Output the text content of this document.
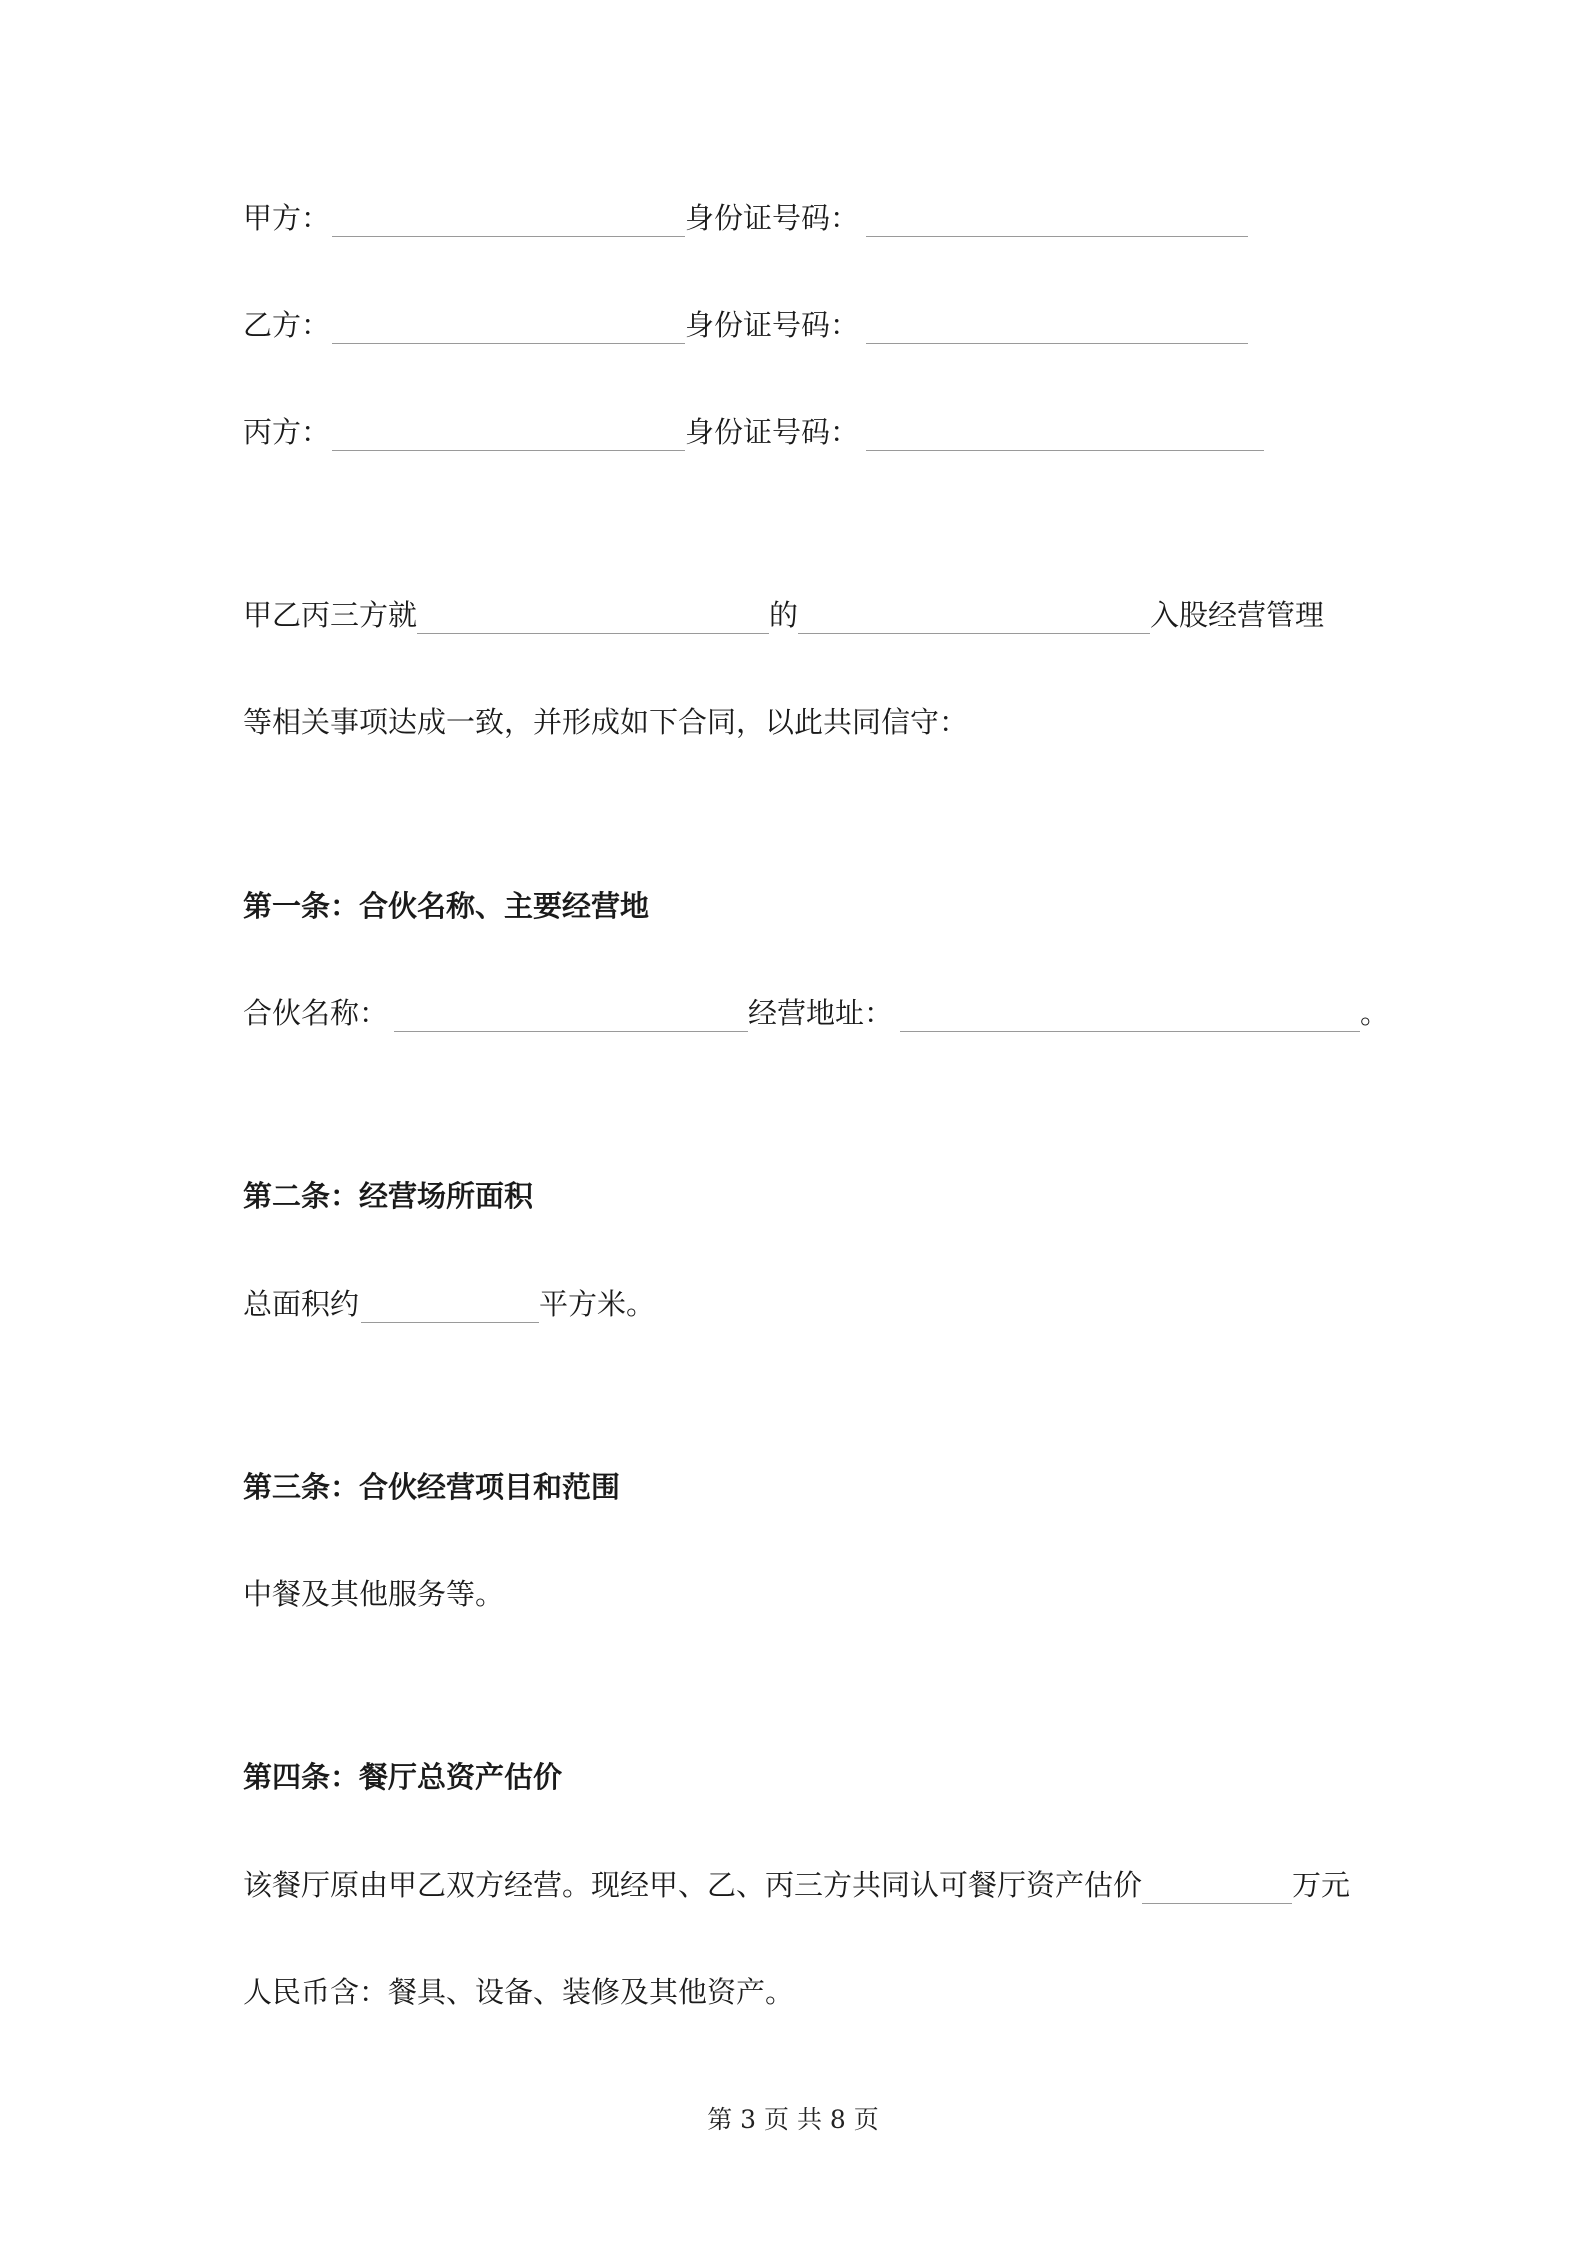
甲方：	身份证号码：
乙方：	身份证号码：
丙方：	身份证号码：
甲乙丙三方就	的	入股经营管理
等相关事项达成一致，并形成如下合同，以此共同信守：
第一条：合伙名称、主要经营地
合伙名称：	经营地址：	。
第二条：经营场所面积
总面积约	平方米。
第三条：合伙经营项目和范围
中餐及其他服务等。
第四条：餐厅总资产估价
该餐厅原由甲乙双方经营。现经甲、乙、丙三方共同认可餐厅资产估价	万元
人民币含：餐具、设备、装修及其他资产。
第 3 页 共 8 页
